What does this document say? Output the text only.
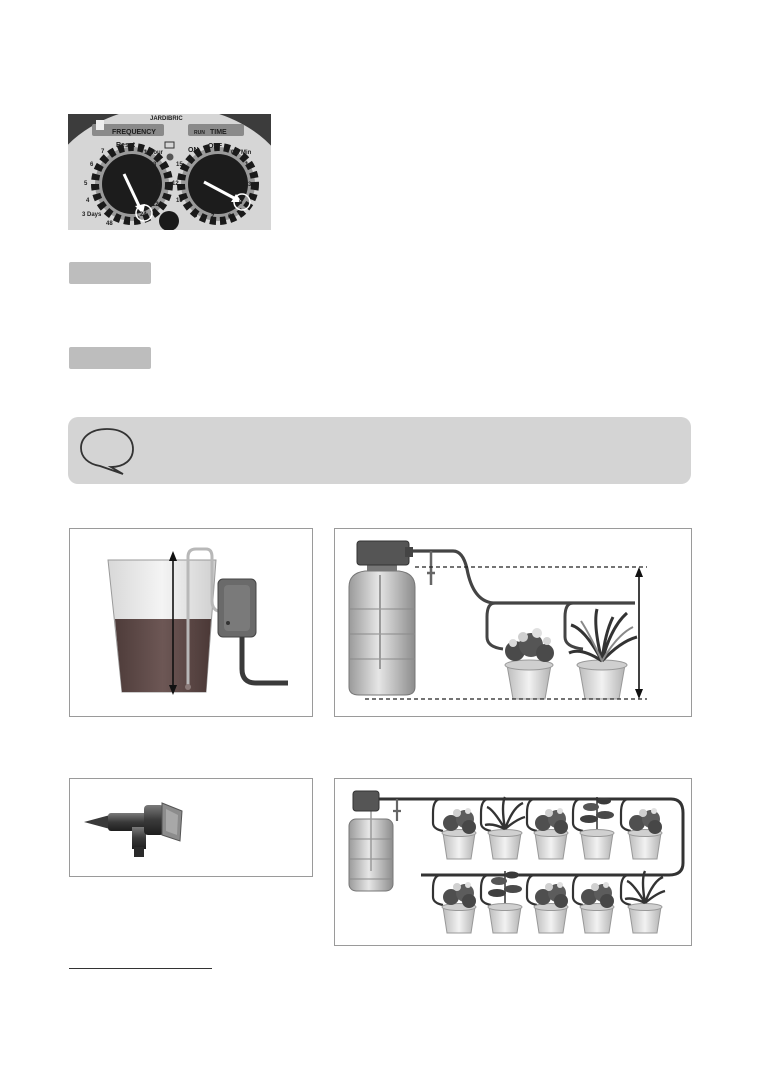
FREQUENCY	RUN TIME
JARDIBRIC
Reset
1 Hour
3
6
12
24
48
3 Days
4
5
6
7
15
12
10
ON
OFF
0.5 Min
1
3
5
6
7
8
